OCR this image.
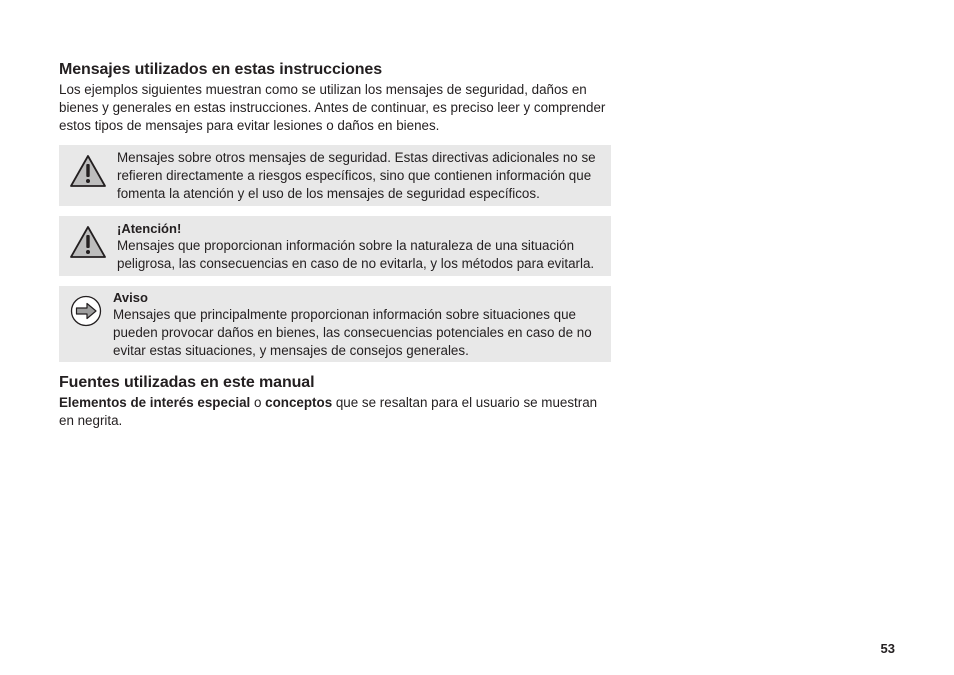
Mensajes utilizados en estas instrucciones

Los ejemplos siguientes muestran como se utilizan los mensajes de seguridad, daños en bienes y generales en estas instrucciones. Antes de continuar, es preciso leer y comprender estos tipos de mensajes para evitar lesiones o daños en bienes.

Mensajes sobre otros mensajes de seguridad. Estas directivas adicionales no se refieren directamente a riesgos específicos, sino que contienen información que fomenta la atención y el uso de los mensajes de seguridad específicos.

¡Atención!

Mensajes que proporcionan información sobre la naturaleza de una situación peligrosa, las consecuencias en caso de no evitarla, y los métodos para evitarla.

Aviso

Mensajes que principalmente proporcionan información sobre situaciones que pueden provocar daños en bienes, las consecuencias potenciales en caso de no evitar estas situaciones, y mensajes de consejos generales.

Fuentes utilizadas en este manual

Elementos de interés especial o conceptos que se resaltan para el usuario se muestran en negrita.

53
